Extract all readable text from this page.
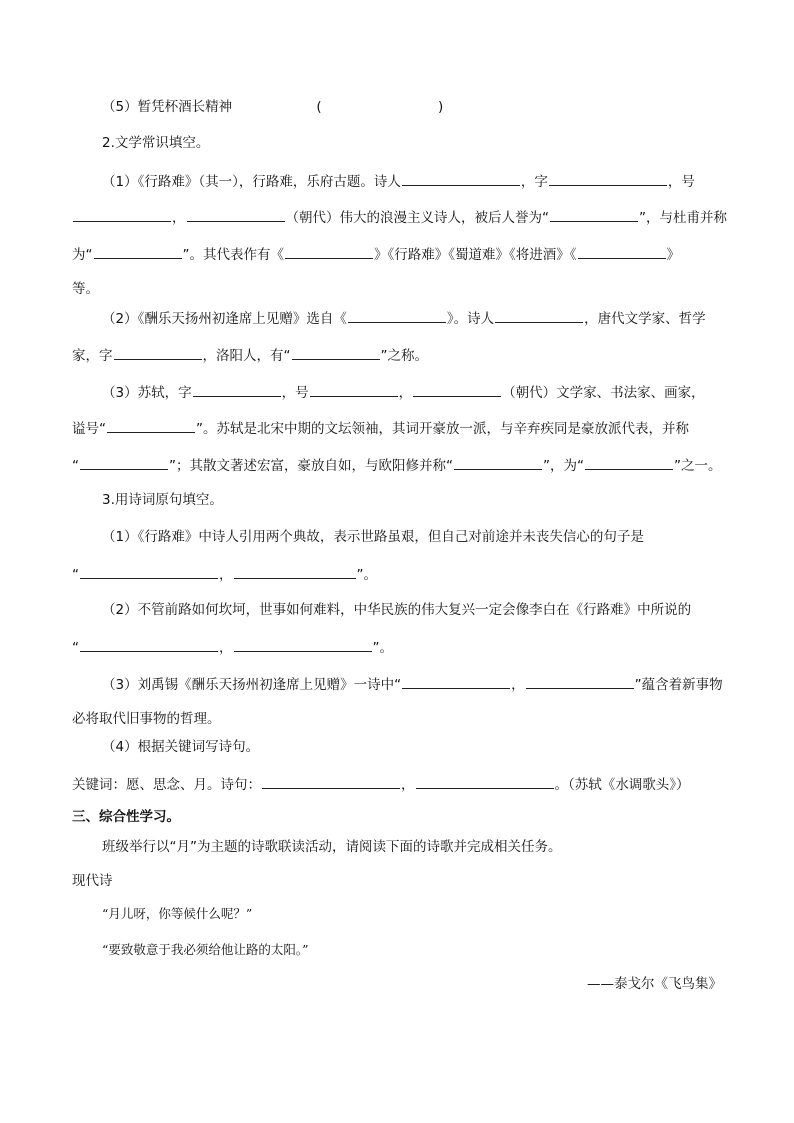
（5）暂凭杯酒长精神	(	)
2.文学常识填空。
（1）《行路难》（其一），行路难，乐府古题。诗人	，字	，号
，	（朝代）伟大的浪漫主义诗人，被后人誉为“	”，与杜甫并称
为“	”。其代表作有《	》《行路难》《蜀道难》《将进酒》《	》
等。
（2）《酬乐天扬州初逢席上见赠》选自《	》。诗人	，唐代文学家、哲学
家，字	，洛阳人，有“	”之称。
（3）苏轼，字	，号	，	（朝代）文学家、书法家、画家，
谥号“	”。苏轼是北宋中期的文坛领袖，其词开豪放一派，与辛弃疾同是豪放派代表，并称
“	”；其散文著述宏富，豪放自如，与欧阳修并称“	”，为“	”之一。
3.用诗词原句填空。
（1）《行路难》中诗人引用两个典故，表示世路虽艰，但自己对前途并未丧失信心的句子是
“	，	”。
（2）不管前路如何坎坷，世事如何难料，中华民族的伟大复兴一定会像李白在《行路难》中所说的
“	，	”。
（3）刘禹锡《酬乐天扬州初逢席上见赠》一诗中“	，	”蕴含着新事物
必将取代旧事物的哲理。
（4）根据关键词写诗句。
关键词：愿、思念、月。诗句：	，	。（苏轼《水调歌头》）
三、综合性学习。
班级举行以“月”为主题的诗歌联读活动，请阅读下面的诗歌并完成相关任务。
现代诗
“月儿呀，你等候什么呢？”
“要致敬意于我必须给他让路的太阳。”
——泰戈尔《飞鸟集》
